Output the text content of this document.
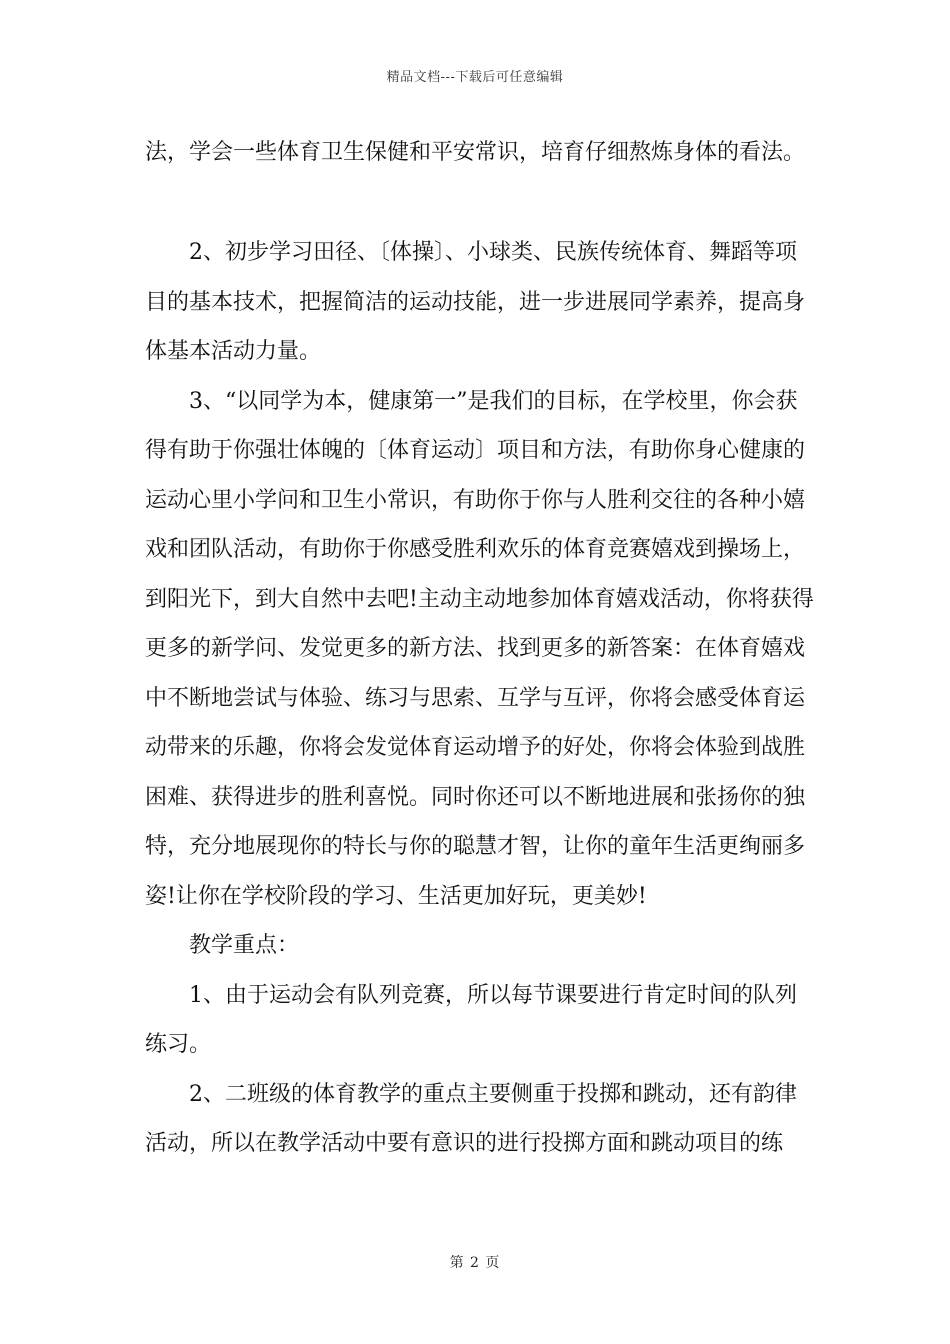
精品文档---下载后可任意编辑

法，学会一些体育卫生保健和平安常识，培育仔细熬炼身体的看法。

2、初步学习田径、〔体操〕、小球类、民族传统体育、舞蹈等项目的基本技术，把握简洁的运动技能，进一步进展同学素养，提高身体基本活动力量。

3、“以同学为本，健康第一”是我们的目标，在学校里，你会获得有助于你强壮体魄的〔体育运动〕项目和方法，有助你身心健康的运动心里小学问和卫生小常识，有助你于你与人胜利交往的各种小嬉戏和团队活动，有助你于你感受胜利欢乐的体育竞赛嬉戏到操场上，到阳光下，到大自然中去吧!主动主动地参加体育嬉戏活动，你将获得更多的新学问、发觉更多的新方法、找到更多的新答案：在体育嬉戏中不断地尝试与体验、练习与思索、互学与互评，你将会感受体育运动带来的乐趣，你将会发觉体育运动增予的好处，你将会体验到战胜困难、获得进步的胜利喜悦。同时你还可以不断地进展和张扬你的独特，充分地展现你的特长与你的聪慧才智，让你的童年生活更绚丽多姿!让你在学校阶段的学习、生活更加好玩，更美妙!

教学重点：

1、由于运动会有队列竞赛，所以每节课要进行肯定时间的队列练习。

2、二班级的体育教学的重点主要侧重于投掷和跳动，还有韵律活动，所以在教学活动中要有意识的进行投掷方面和跳动项目的练

第 2 页
